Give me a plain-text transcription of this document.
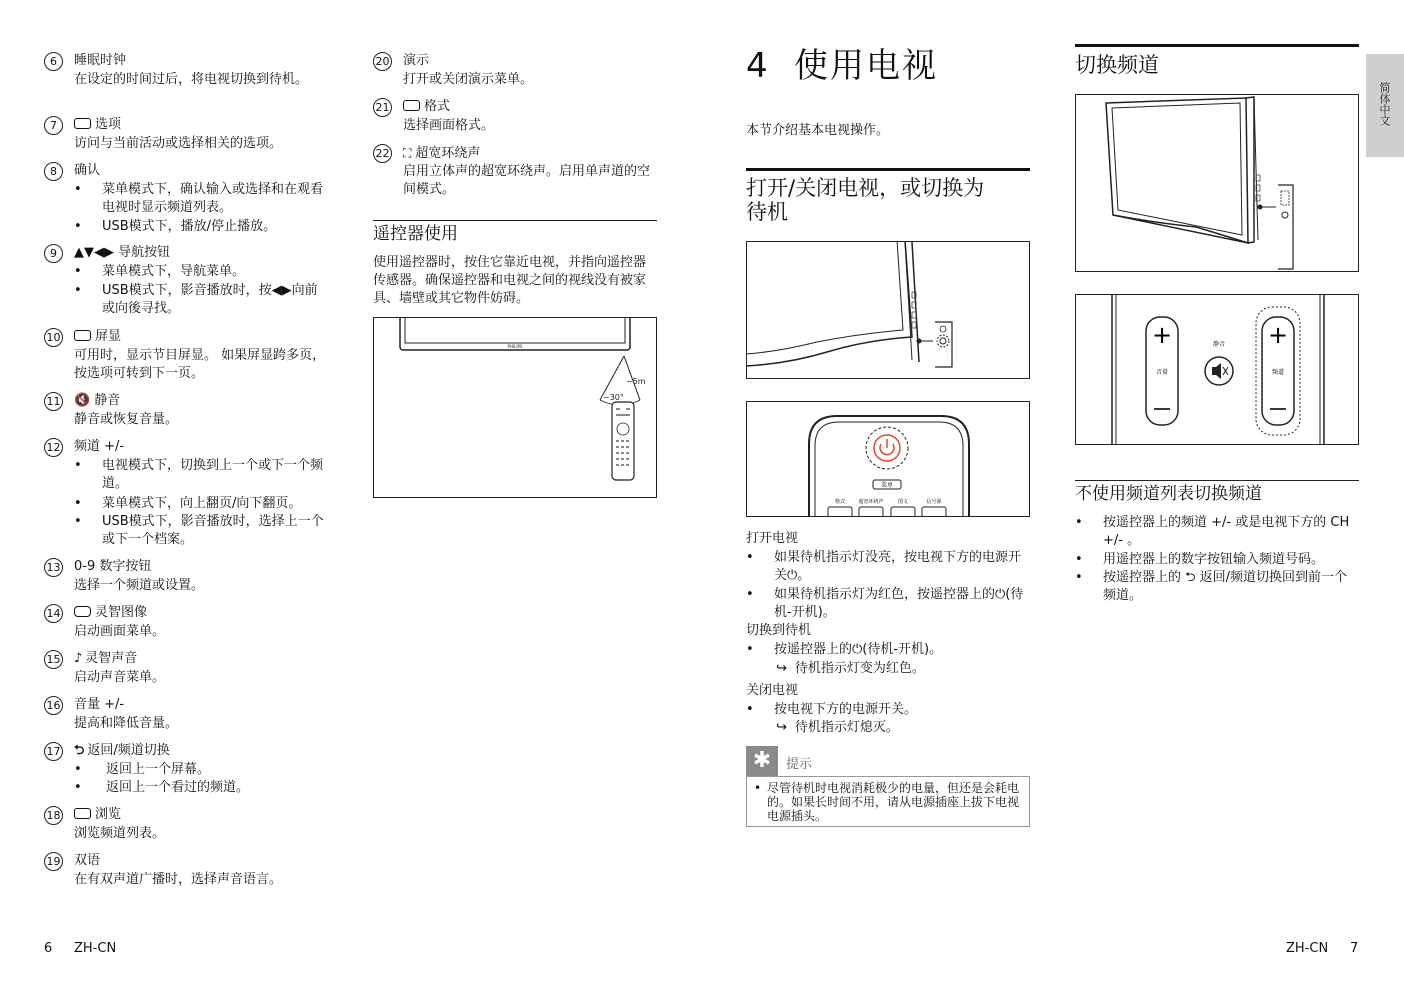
6	睡眠时钟
在设定的时间过后，将电视切换到待机。
7	选项
访问与当前活动或选择相关的选项。
8	确认
• 菜单模式下，确认输入或选择和在观看电视时显示频道列表。
• USB模式下，播放/停止播放。
9	▲▼◀▶ 导航按钮
• 菜单模式下，导航菜单。
• USB模式下，影音播放时，按◀▶向前或向後寻找。
10	屏显
可用时，显示节目屏显。 如果屏显跨多页，按选项可转到下一页。
11 🔇 静音
静音或恢复音量。
12 频道 +/-
• 电视模式下，切换到上一个或下一个频道。
• 菜单模式下，向上翻页/向下翻页。
• USB模式下，影音播放时，选择上一个或下一个档案。
13 0-9 数字按钮
选择一个频道或设置。
14	灵智图像
启动画面菜单。
15 ♪ 灵智声音
启动声音菜单。
16 音量 +/-
提高和降低音量。
17 ⮌ 返回/频道切换
• 返回上一个屏幕。
• 返回上一个看过的频道。
18	浏览
浏览频道列表。
19 双语
在有双声道广播时，选择声音语言。
20 演示
打开或关闭演示菜单。
21	格式
选择画面格式。
22 ⛶ 超宽环绕声
启用立体声的超宽环绕声。启用单声道的空间模式。
遥控器使用
使用遥控器时，按住它靠近电视，并指向遥控器传感器。确保遥控器和电视之间的视线没有被家具、墙壁或其它物件妨碍。
PHILIPS
~5m
~30°
6 ZH-CN
4 使用电视
本节介绍基本电视操作。
打开/关闭电视，或切换为
待机
菜单
格式	超宽环绕声	图文	信号源
打开电视
• 如果待机指示灯没亮，按电视下方的电源开关⏻。
• 如果待机指示灯为红色，按遥控器上的⏻(待机-开机)。
切换到待机
• 按遥控器上的⏻(待机-开机)。
↪ 待机指示灯变为红色。
关闭电视
• 按电视下方的电源开关。
↪ 待机指示灯熄灭。
✱	提示
• 尽管待机时电视消耗极少的电量，但还是会耗电的。如果长时间不用，请从电源插座上拔下电视电源插头。
切换频道
+
音量
+
频道
静音
不使用频道列表切换频道
• 按遥控器上的频道 +/- 或是电视下方的 CH +/- 。
• 用遥控器上的数字按钮输入频道号码。
• 按遥控器上的 ⮌ 返回/频道切换回到前一个频道。
简体中文
ZH-CN 7
